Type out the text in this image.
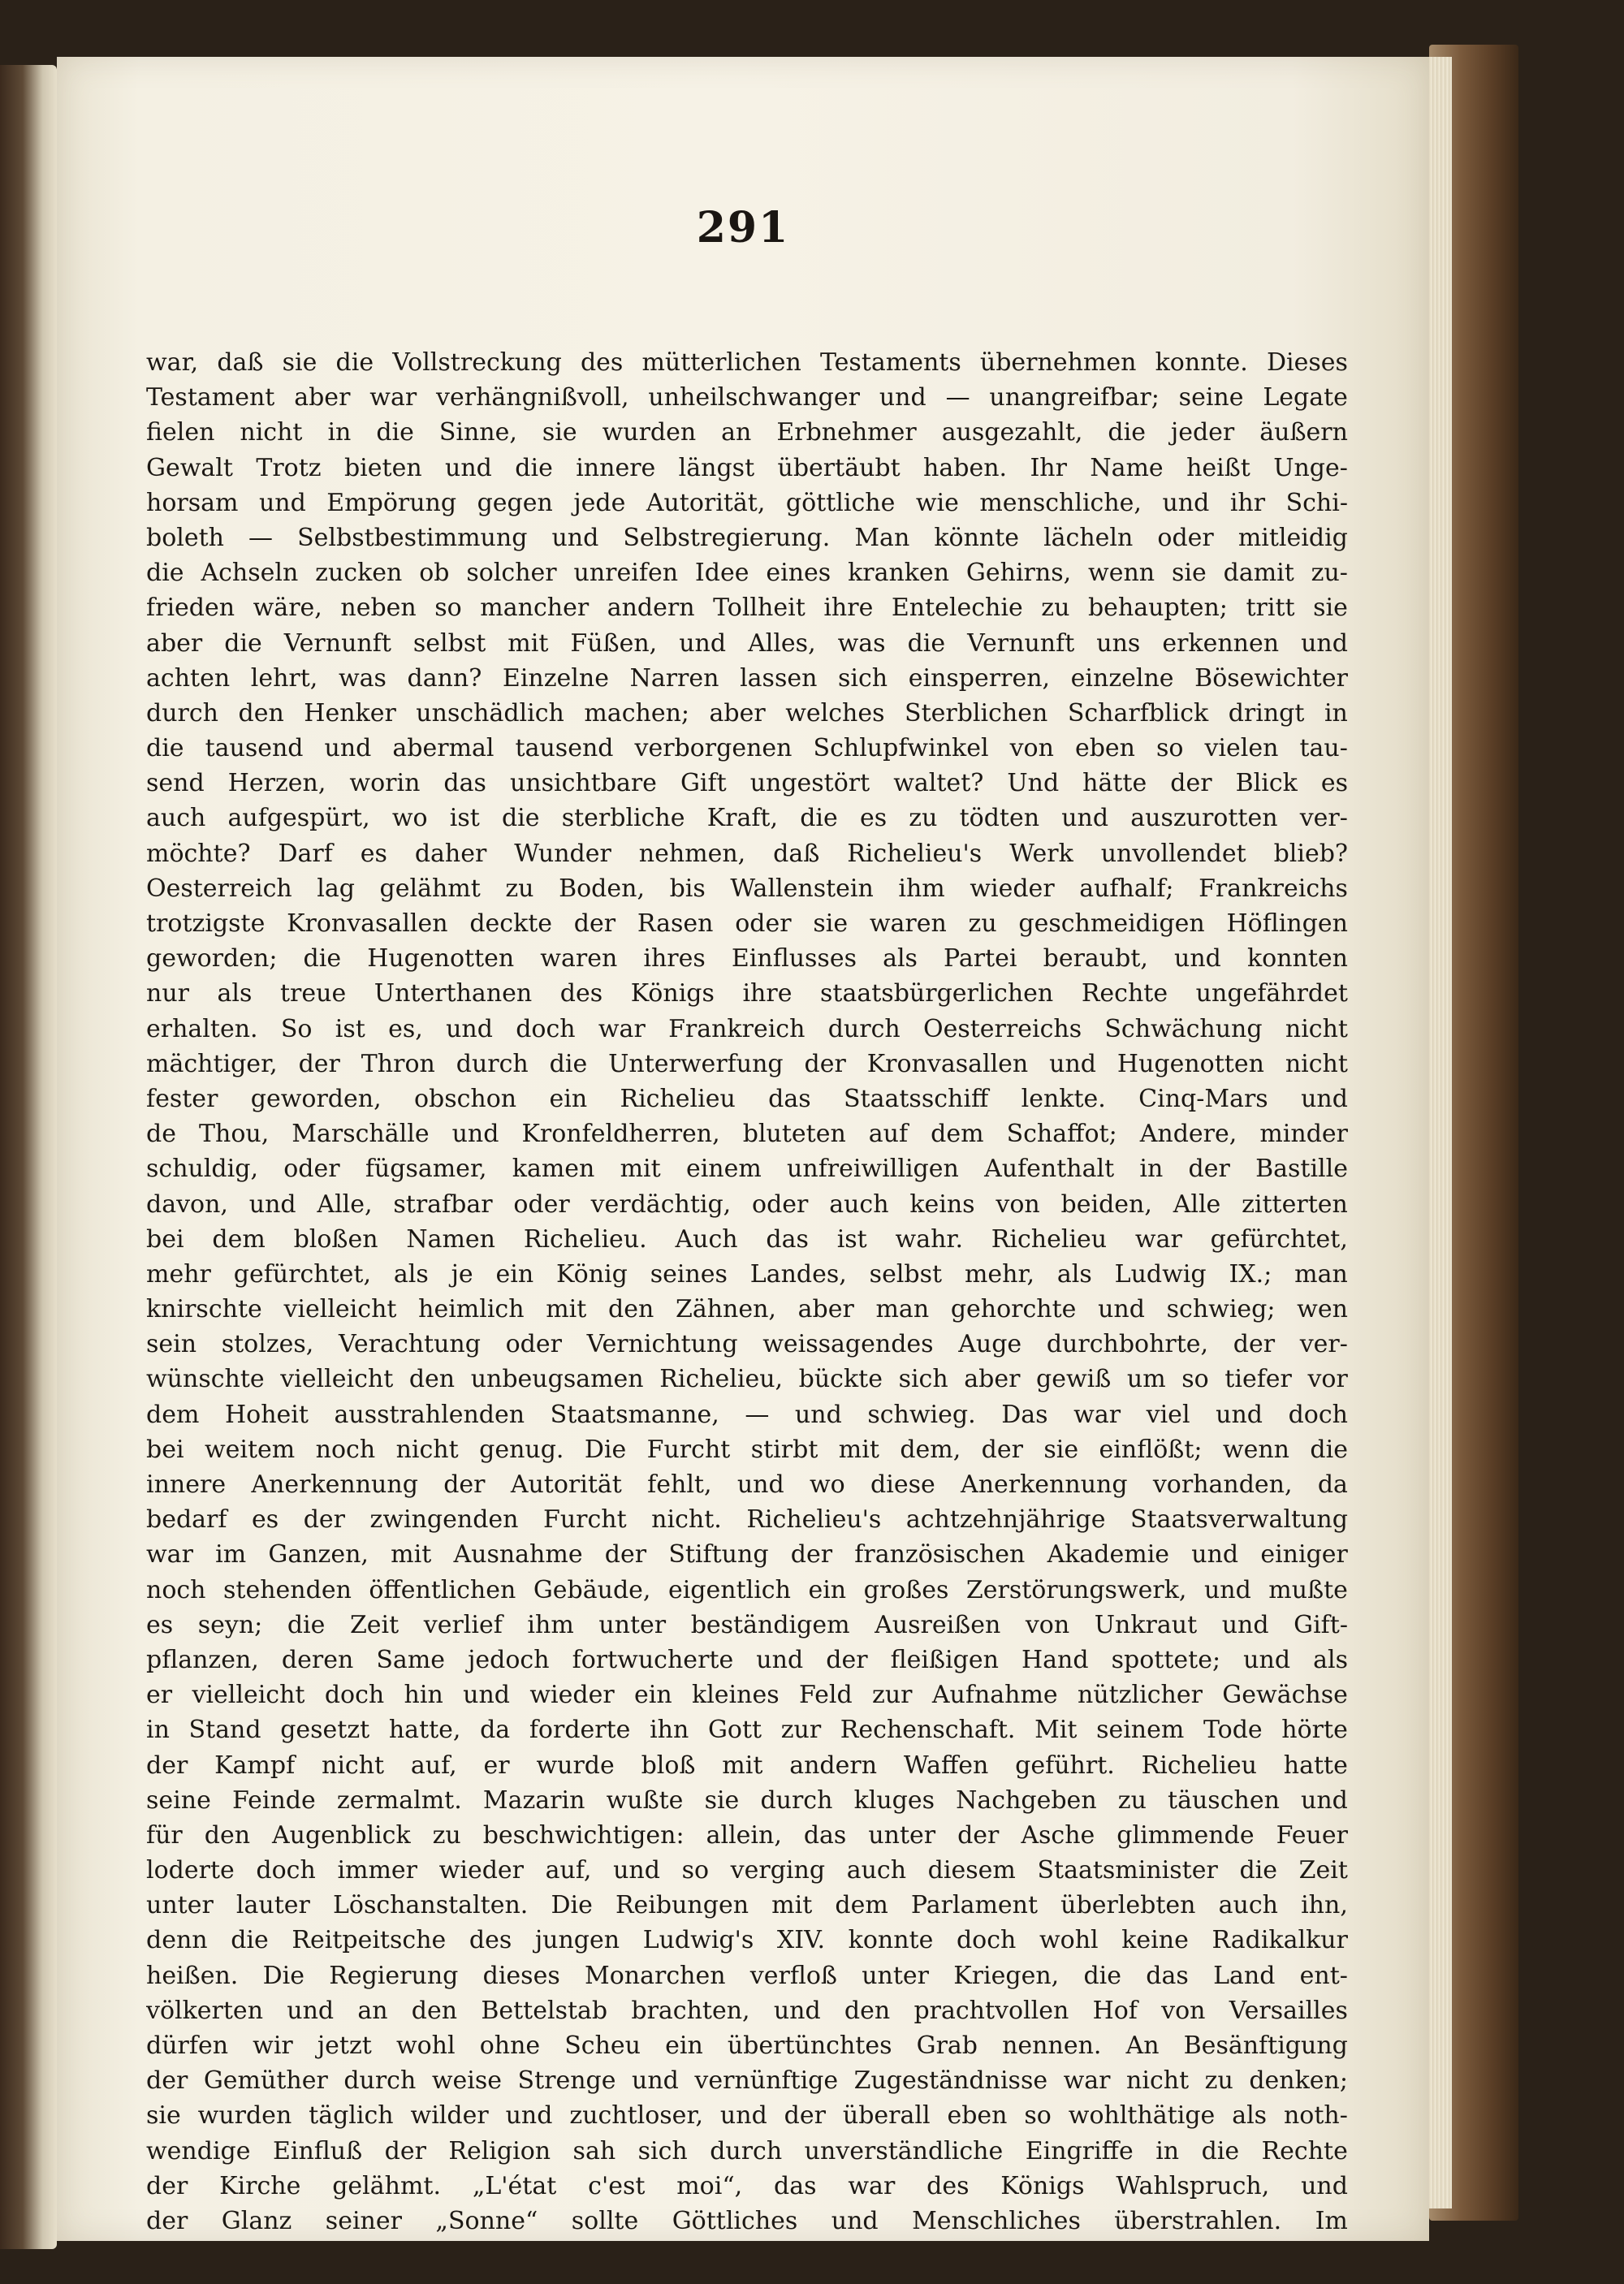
291
war, daß sie die Vollstreckung des mütterlichen Testaments übernehmen konnte. Dieses
Testament aber war verhängnißvoll, unheilschwanger und — unangreifbar; seine Legate
fielen nicht in die Sinne, sie wurden an Erbnehmer ausgezahlt, die jeder äußern
Gewalt Trotz bieten und die innere längst übertäubt haben. Ihr Name heißt Unge-
horsam und Empörung gegen jede Autorität, göttliche wie menschliche, und ihr Schi-
boleth — Selbstbestimmung und Selbstregierung. Man könnte lächeln oder mitleidig
die Achseln zucken ob solcher unreifen Idee eines kranken Gehirns, wenn sie damit zu-
frieden wäre, neben so mancher andern Tollheit ihre Entelechie zu behaupten; tritt sie
aber die Vernunft selbst mit Füßen, und Alles, was die Vernunft uns erkennen und
achten lehrt, was dann? Einzelne Narren lassen sich einsperren, einzelne Bösewichter
durch den Henker unschädlich machen; aber welches Sterblichen Scharfblick dringt in
die tausend und abermal tausend verborgenen Schlupfwinkel von eben so vielen tau-
send Herzen, worin das unsichtbare Gift ungestört waltet? Und hätte der Blick es
auch aufgespürt, wo ist die sterbliche Kraft, die es zu tödten und auszurotten ver-
möchte? Darf es daher Wunder nehmen, daß Richelieu's Werk unvollendet blieb?
Oesterreich lag gelähmt zu Boden, bis Wallenstein ihm wieder aufhalf; Frankreichs
trotzigste Kronvasallen deckte der Rasen oder sie waren zu geschmeidigen Höflingen
geworden; die Hugenotten waren ihres Einflusses als Partei beraubt, und konnten
nur als treue Unterthanen des Königs ihre staatsbürgerlichen Rechte ungefährdet
erhalten. So ist es, und doch war Frankreich durch Oesterreichs Schwächung nicht
mächtiger, der Thron durch die Unterwerfung der Kronvasallen und Hugenotten nicht
fester geworden, obschon ein Richelieu das Staatsschiff lenkte. Cinq-Mars und
de Thou, Marschälle und Kronfeldherren, bluteten auf dem Schaffot; Andere, minder
schuldig, oder fügsamer, kamen mit einem unfreiwilligen Aufenthalt in der Bastille
davon, und Alle, strafbar oder verdächtig, oder auch keins von beiden, Alle zitterten
bei dem bloßen Namen Richelieu. Auch das ist wahr. Richelieu war gefürchtet,
mehr gefürchtet, als je ein König seines Landes, selbst mehr, als Ludwig IX.; man
knirschte vielleicht heimlich mit den Zähnen, aber man gehorchte und schwieg; wen
sein stolzes, Verachtung oder Vernichtung weissagendes Auge durchbohrte, der ver-
wünschte vielleicht den unbeugsamen Richelieu, bückte sich aber gewiß um so tiefer vor
dem Hoheit ausstrahlenden Staatsmanne, — und schwieg. Das war viel und doch
bei weitem noch nicht genug. Die Furcht stirbt mit dem, der sie einflößt; wenn die
innere Anerkennung der Autorität fehlt, und wo diese Anerkennung vorhanden, da
bedarf es der zwingenden Furcht nicht. Richelieu's achtzehnjährige Staatsverwaltung
war im Ganzen, mit Ausnahme der Stiftung der französischen Akademie und einiger
noch stehenden öffentlichen Gebäude, eigentlich ein großes Zerstörungswerk, und mußte
es seyn; die Zeit verlief ihm unter beständigem Ausreißen von Unkraut und Gift-
pflanzen, deren Same jedoch fortwucherte und der fleißigen Hand spottete; und als
er vielleicht doch hin und wieder ein kleines Feld zur Aufnahme nützlicher Gewächse
in Stand gesetzt hatte, da forderte ihn Gott zur Rechenschaft. Mit seinem Tode hörte
der Kampf nicht auf, er wurde bloß mit andern Waffen geführt. Richelieu hatte
seine Feinde zermalmt. Mazarin wußte sie durch kluges Nachgeben zu täuschen und
für den Augenblick zu beschwichtigen: allein, das unter der Asche glimmende Feuer
loderte doch immer wieder auf, und so verging auch diesem Staatsminister die Zeit
unter lauter Löschanstalten. Die Reibungen mit dem Parlament überlebten auch ihn,
denn die Reitpeitsche des jungen Ludwig's XIV. konnte doch wohl keine Radikalkur
heißen. Die Regierung dieses Monarchen verfloß unter Kriegen, die das Land ent-
völkerten und an den Bettelstab brachten, und den prachtvollen Hof von Versailles
dürfen wir jetzt wohl ohne Scheu ein übertünchtes Grab nennen. An Besänftigung
der Gemüther durch weise Strenge und vernünftige Zugeständnisse war nicht zu denken;
sie wurden täglich wilder und zuchtloser, und der überall eben so wohlthätige als noth-
wendige Einfluß der Religion sah sich durch unverständliche Eingriffe in die Rechte
der Kirche gelähmt. „L'état c'est moi“, das war des Königs Wahlspruch, und
der Glanz seiner „Sonne“ sollte Göttliches und Menschliches überstrahlen. Im
